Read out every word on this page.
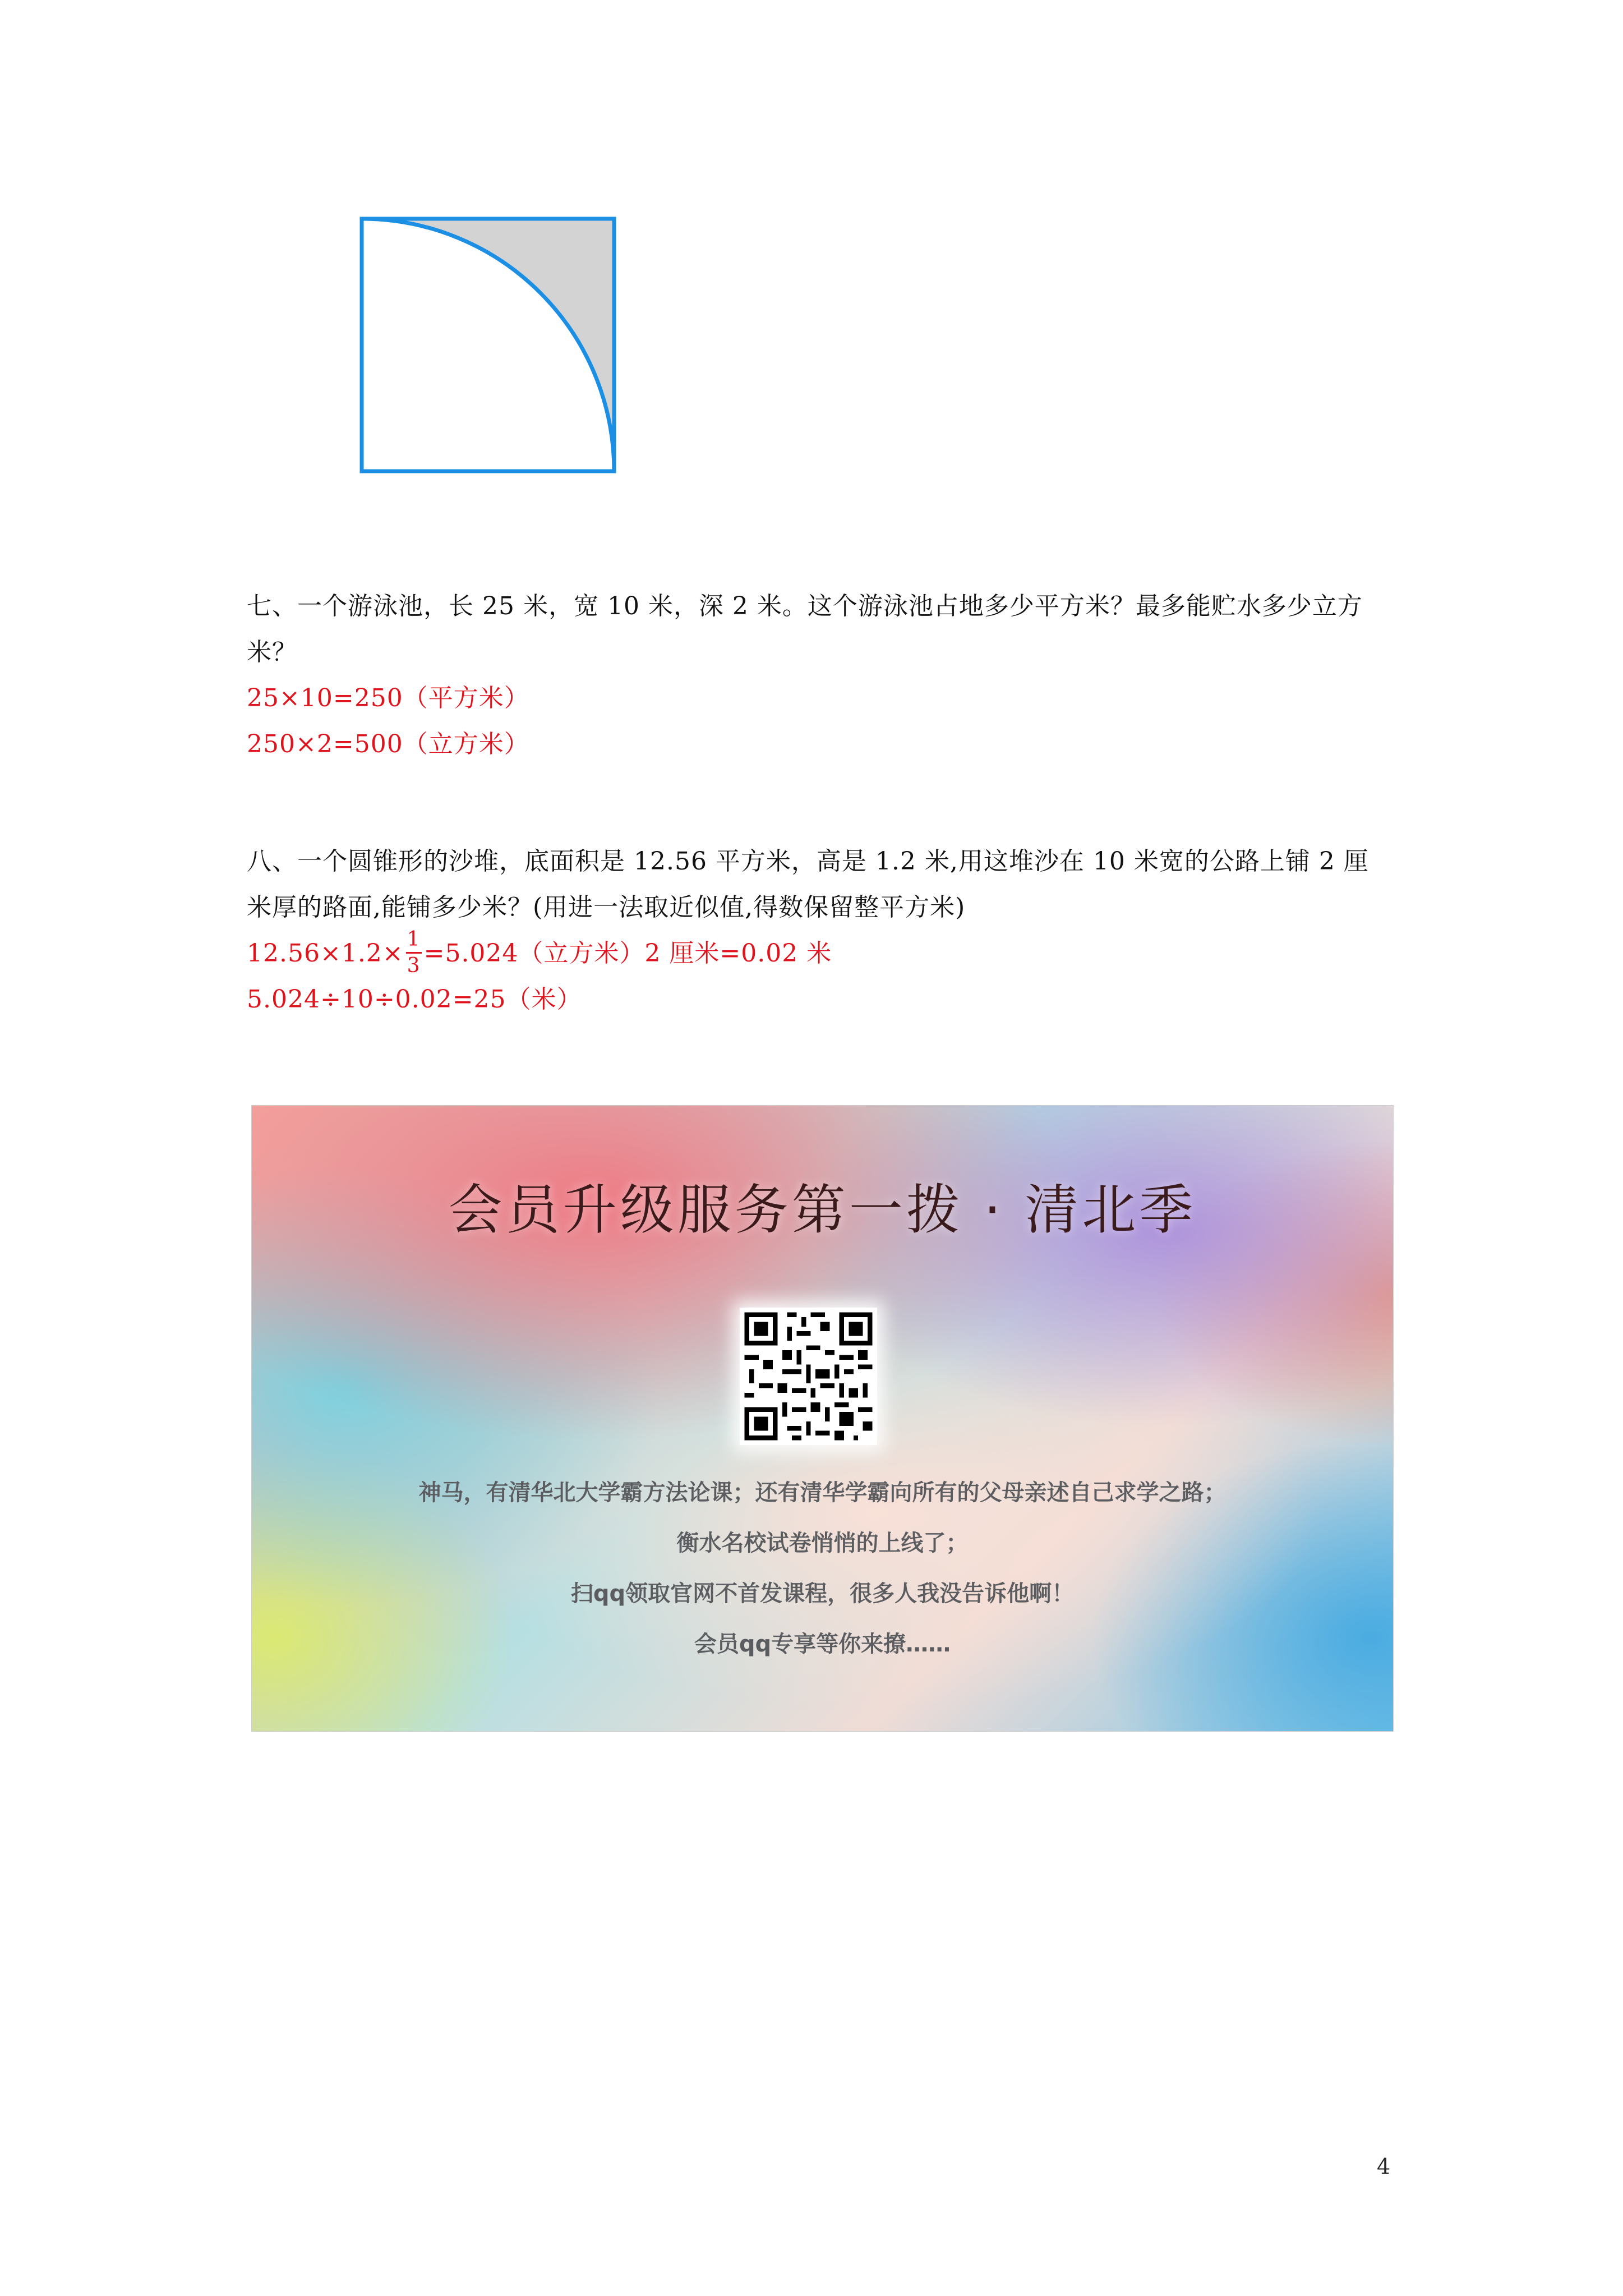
七、一个游泳池，长 25 米，宽 10 米，深 2 米。这个游泳池占地多少平方米？最多能贮水多少立方米？

25×10=250（平方米）

250×2=500（立方米）

八、一个圆锥形的沙堆，底面积是 12.56 平方米，高是 1.2 米,用这堆沙在 10 米宽的公路上铺 2 厘米厚的路面,能铺多少米？(用进一法取近似值,得数保留整平方米)

$12.56\times 1.2\times \frac{1}{3} =5.024$（立方米）2 厘米=0.02 米

5.024÷10÷0.02=25（米）

会员升级服务第一拨 · 清北季
神马，有清华北大学霸方法论课；还有清华学霸向所有的父母亲述自己求学之路；
衡水名校试卷悄悄的上线了；
扫qq领取官网不首发课程，很多人我没告诉他啊！
会员qq专享等你来撩……
4
